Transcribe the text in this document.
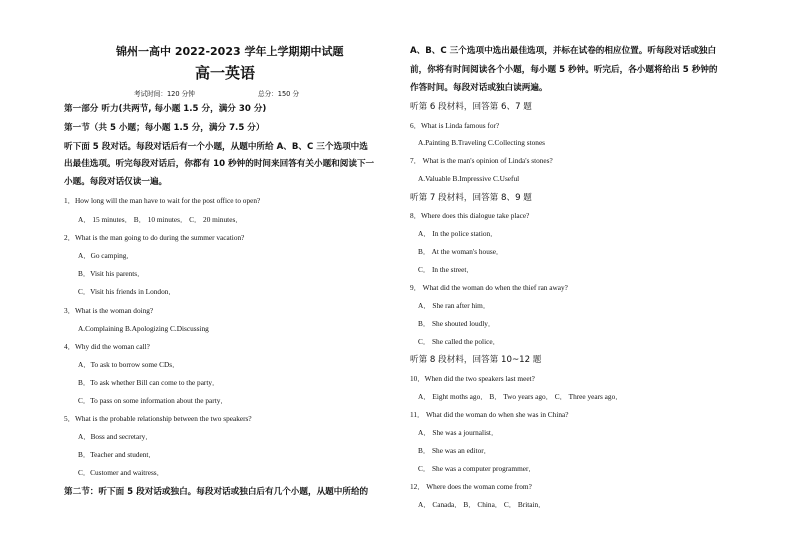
锦州一高中 2022-2023 学年上学期期中试题
高一英语
考试时间：120 分钟	总分：150 分
第一部分 听力(共两节, 每小题 1.5 分，满分 30 分)
第一节（共 5 小题；每小题 1.5 分，满分 7.5 分）
听下面 5 段对话。每段对话后有一个小题，从题中所给 A、B、C 三个选项中选
出最佳选项。听完每段对话后，你都有 10 秒钟的时间来回答有关小题和阅读下一
小题。每段对话仅读一遍。
1．How long will the man have to wait for the post office to open?
A． 15 minutes． B． 10 minutes． C． 20 minutes．
2．What is the man going to do during the summer vacation?
A．Go camping．
B．Visit his parents．
C．Visit his friends in London．
3．What is the woman doing?
A.Complaining B.Apologizing C.Discussing
4．Why did the woman call?
A．To ask to borrow some CDs．
B．To ask whether Bill can come to the party．
C．To pass on some information about the party．
5．What is the probable relationship between the two speakers?
A．Boss and secretary．
B．Teacher and student．
C．Customer and waitress．
第二节：听下面 5 段对话或独白。每段对话或独白后有几个小题，从题中所给的
A、B、C 三个选项中选出最佳选项，并标在试卷的相应位置。听每段对话或独白
前，你将有时间阅读各个小题，每小题 5 秒钟。听完后，各小题将给出 5 秒钟的
作答时间。每段对话或独白读两遍。
听第 6 段材料，回答第 6、7 题
6．What is Linda famous for?
A.Painting B.Traveling C.Collecting stones
7． What is the man's opinion of Linda's stones?
A.Valuable B.Impressive C.Useful
听第 7 段材料，回答第 8、9 题
8．Where does this dialogue take place?
A． In the police station．
B． At the woman's house．
C． In the street．
9． What did the woman do when the thief ran away?
A． She ran after him．
B． She shouted loudly．
C． She called the police．
听第 8 段材料，回答第 10~12 题
10．When did the two speakers last meet?
A． Eight moths ago． B． Two years ago． C． Three years ago．
11． What did the woman do when she was in China?
A． She was a journalist．
B． She was an editor．
C． She was a computer programmer．
12． Where does the woman come from?
A． Canada． B． China． C． Britain．
